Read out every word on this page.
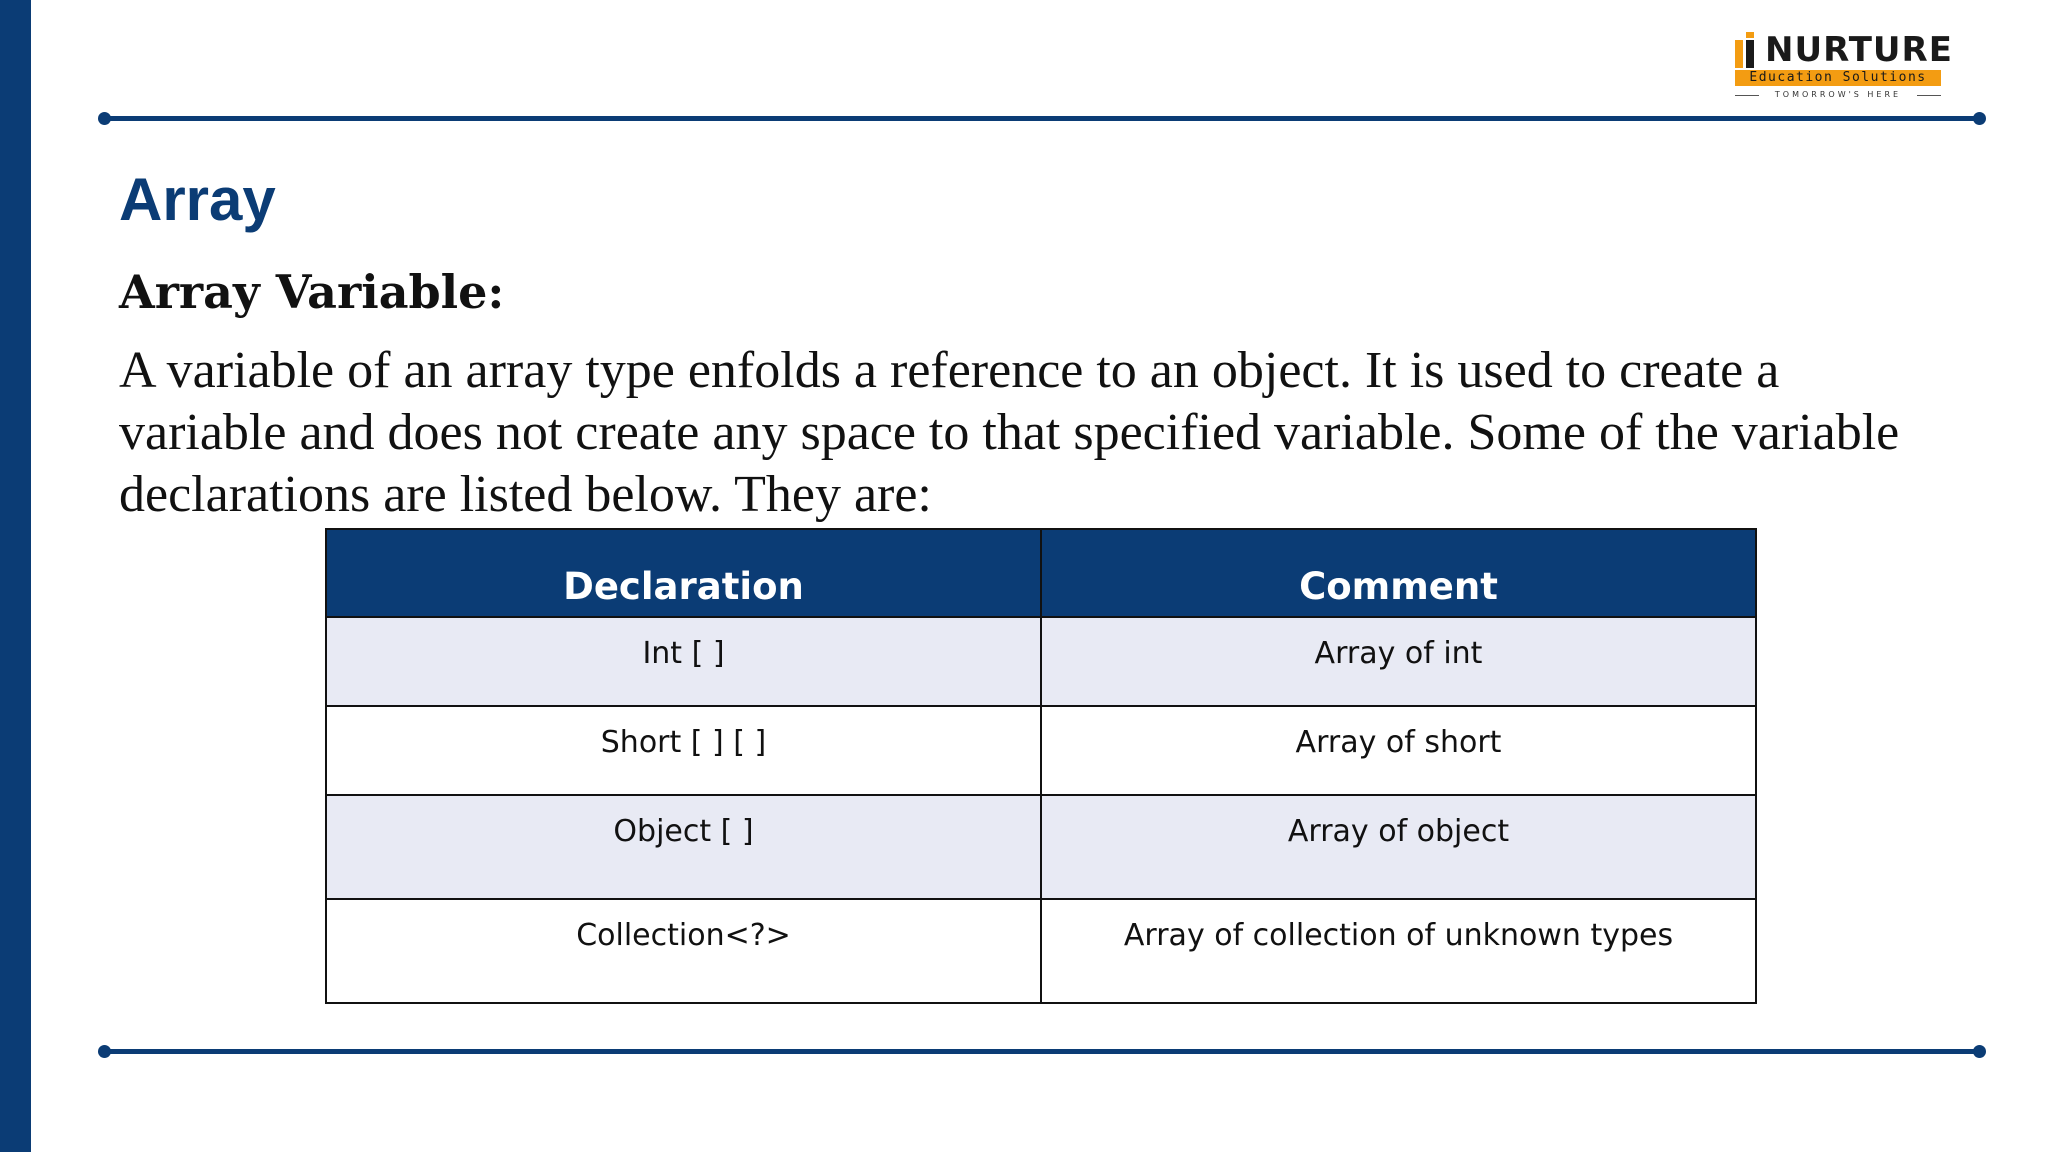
NURTURE
Education Solutions
TOMORROW'S HERE
Array
Array Variable:

A variable of an array type enfolds a reference to an object. It is used to create a variable and does not create any space to that specified variable. Some of the variable declarations are listed below. They are:

Declaration	Comment
Int [ ]	Array of int
Short [ ] [ ]	Array of short
Object [ ]	Array of object
Collection<?>	Array of collection of unknown types
